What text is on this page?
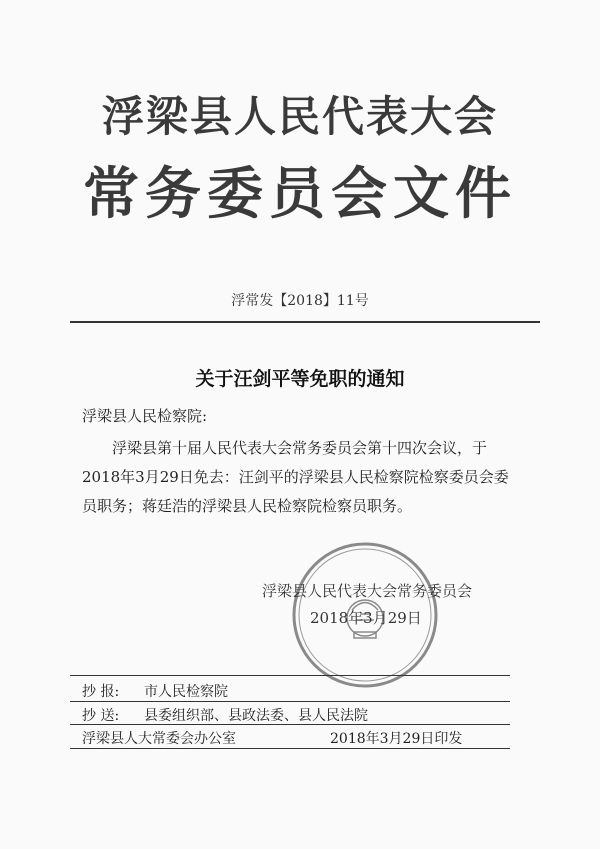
浮梁县人民代表大会
常务委员会文件
浮常发【2018】11号
关于汪剑平等免职的通知
浮梁县人民检察院:

浮梁县第十届人民代表大会常务委员会第十四次会议，于2018年3月29日免去：汪剑平的浮梁县人民检察院检察委员会委员职务；蒋廷浩的浮梁县人民检察院检察员职务。

浮梁县人民代表大会常务委员会
2018年3月29日
抄 报: 市人民检察院
抄 送: 县委组织部、县政法委、县人民法院
浮梁县人大常委会办公室	2018年3月29日印发
